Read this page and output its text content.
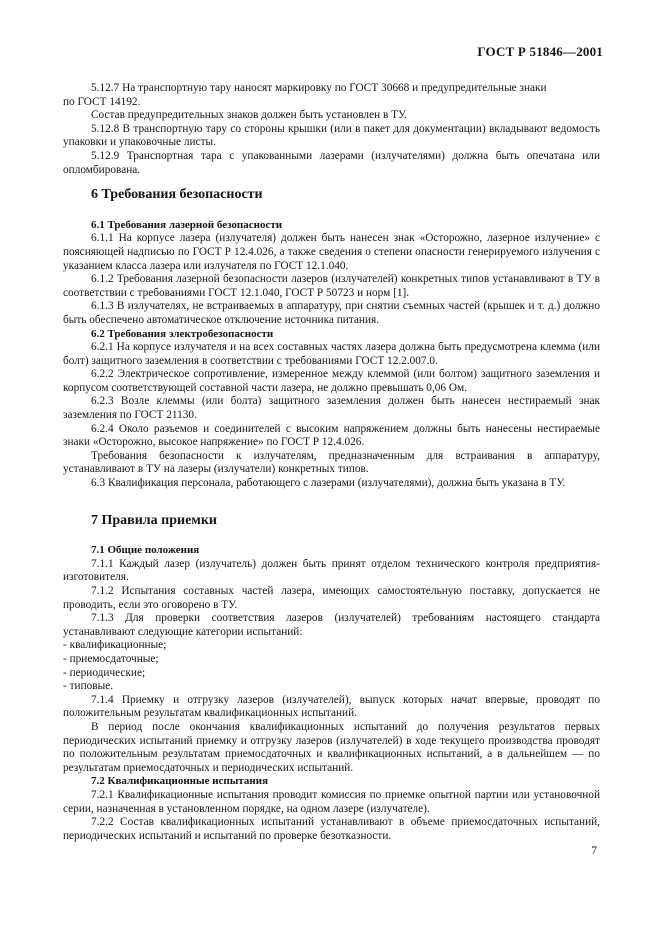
ГОСТ Р 51846—2001

5.12.7 На транспортную тару наносят маркировку по ГОСТ 30668 и предупредительные знаки

по ГОСТ 14192.

Состав предупредительных знаков должен быть установлен в ТУ.

5.12.8 В транспортную тару со стороны крышки (или в пакет для документации) вкладывают ведомость упаковки и упаковочные листы.

5.12.9 Транспортная тара с упакованными лазерами (излучателями) должна быть опечатана или опломбирована.

6 Требования безопасности

6.1 Требования лазерной безопасности

6.1.1 На корпусе лазера (излучателя) должен быть нанесен знак «Осторожно, лазерное излучение» с поясняющей надписью по ГОСТ Р 12.4.026, а также сведения о степени опасности генерируемого излучения с указанием класса лазера или излучателя по ГОСТ 12.1.040.

6.1.2 Требования лазерной безопасности лазеров (излучателей) конкретных типов устанавливают в ТУ в соответствии с требованиями ГОСТ 12.1.040, ГОСТ Р 50723 и норм [1].

6.1.3 В излучателях, не встраиваемых в аппаратуру, при снятии съемных частей (крышек и т. д.) должно быть обеспечено автоматическое отключение источника питания.

6.2 Требования электробезопасности

6.2.1 На корпусе излучателя и на всех составных частях лазера должна быть предусмотрена клемма (или болт) защитного заземления в соответствии с требованиями ГОСТ 12.2.007.0.

6.2.2 Электрическое сопротивление, измеренное между клеммой (или болтом) защитного заземления и корпусом соответствующей составной части лазера, не должно превышать 0,06 Ом.

6.2.3 Возле клеммы (или болта) защитного заземления должен быть нанесен нестираемый знак заземления по ГОСТ 21130.

6.2.4 Около разъемов и соединителей с высоким напряжением должны быть нанесены нестираемые знаки «Осторожно, высокое напряжение» по ГОСТ Р 12.4.026.

Требования безопасности к излучателям, предназначенным для встраивания в аппаратуру, устанавливают в ТУ на лазеры (излучатели) конкретных типов.

6.3 Квалификация персонала, работающего с лазерами (излучателями), должна быть указана в ТУ.

7 Правила приемки

7.1 Общие положения

7.1.1 Каждый лазер (излучатель) должен быть принят отделом технического контроля предприятия-изготовителя.

7.1.2 Испытания составных частей лазера, имеющих самостоятельную поставку, допускается не проводить, если это оговорено в ТУ.

7.1.3 Для проверки соответствия лазеров (излучателей) требованиям настоящего стандарта устанавливают следующие категории испытаний:

- квалификационные;

- приемосдаточные;

- периодические;

- типовые.

7.1.4 Приемку и отгрузку лазеров (излучателей), выпуск которых начат впервые, проводят по положительным результатам квалификационных испытаний.

В период после окончания квалификационных испытаний до получения результатов первых периодических испытаний приемку и отгрузку лазеров (излучателей) в ходе текущего производства проводят по положительным результатам приемосдаточных и квалификационных испытаний, а в дальнейшем — по результатам приемосдаточных и периодических испытаний.

7.2 Квалификационные испытания

7.2.1 Квалификационные испытания проводит комиссия по приемке опытной партии или установочной серии, назначенная в установленном порядке, на одном лазере (излучателе).

7.2.2 Состав квалификационных испытаний устанавливают в объеме приемосдаточных испытаний, периодических испытаний и испытаний по проверке безотказности.

7
